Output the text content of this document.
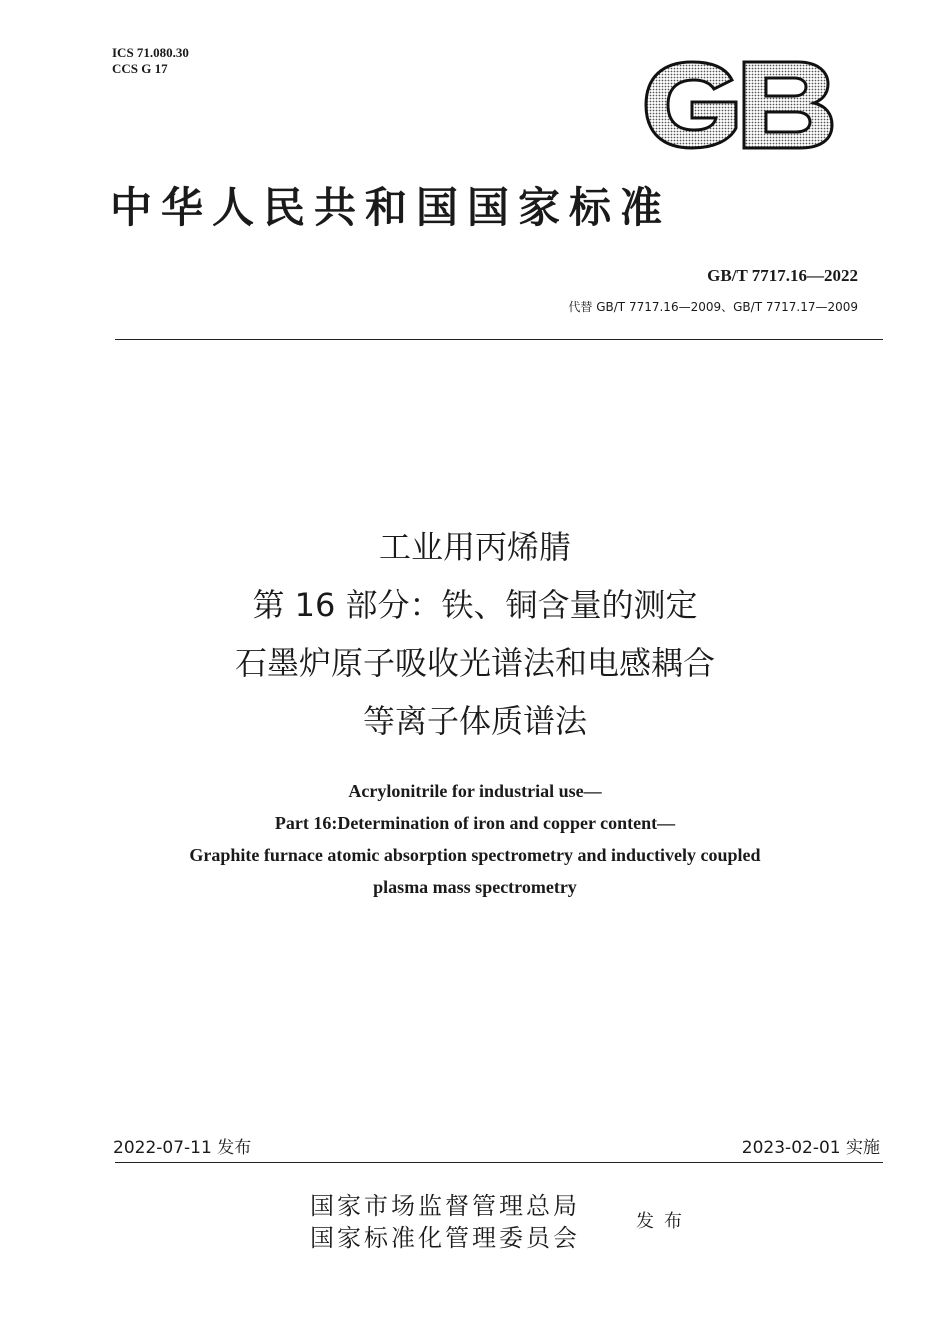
ICS 71.080.30
CCS G 17
中华人民共和国国家标准
GB/T 7717.16—2022
代替 GB/T 7717.16—2009、GB/T 7717.17—2009
工业用丙烯腈
第 16 部分：铁、铜含量的测定
石墨炉原子吸收光谱法和电感耦合
等离子体质谱法
Acrylonitrile for industrial use—
Part 16:Determination of iron and copper content—
Graphite furnace atomic absorption spectrometry and inductively coupled
plasma mass spectrometry
2022-07-11 发布	2023-02-01 实施
国家市场监督管理总局
国家标准化管理委员会
发布
